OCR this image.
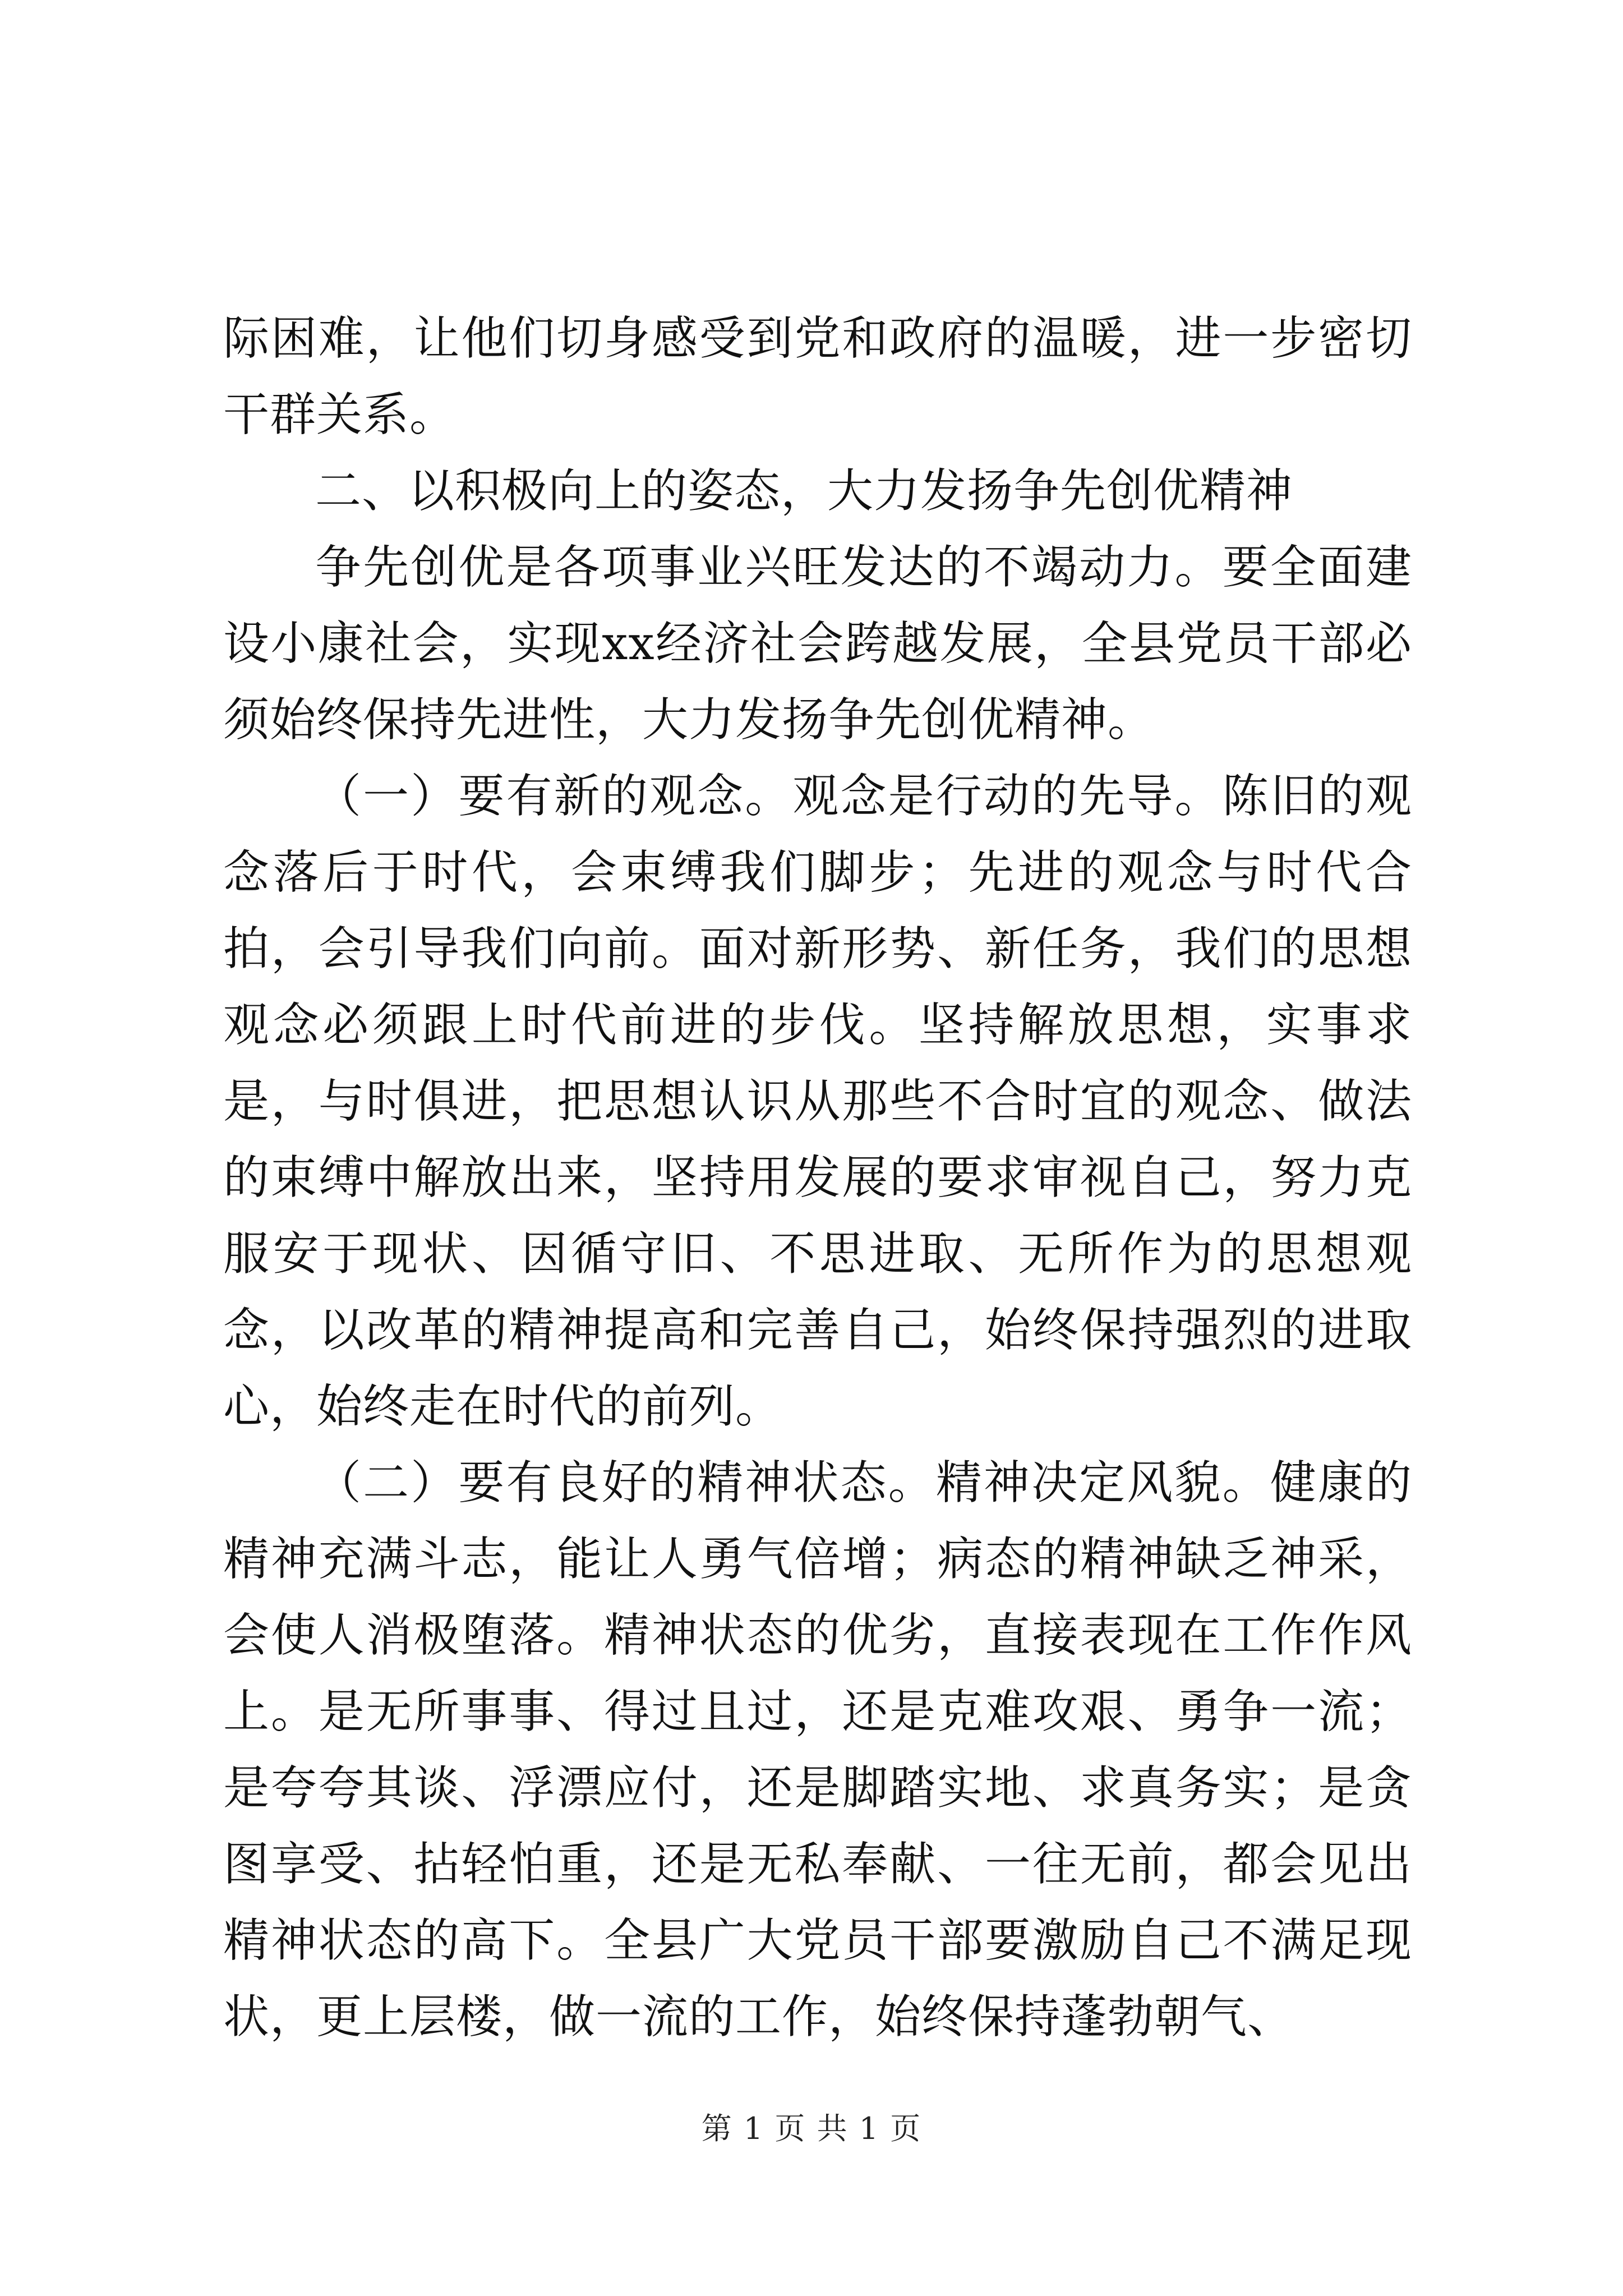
际困难，让他们切身感受到党和政府的温暖，进一步密切干群关系。

二、以积极向上的姿态，大力发扬争先创优精神

争先创优是各项事业兴旺发达的不竭动力。要全面建设小康社会，实现xx经济社会跨越发展，全县党员干部必须始终保持先进性，大力发扬争先创优精神。

（一）要有新的观念。观念是行动的先导。陈旧的观念落后于时代，会束缚我们脚步；先进的观念与时代合拍，会引导我们向前。面对新形势、新任务，我们的思想观念必须跟上时代前进的步伐。坚持解放思想，实事求是，与时俱进，把思想认识从那些不合时宜的观念、做法的束缚中解放出来，坚持用发展的要求审视自己，努力克服安于现状、因循守旧、不思进取、无所作为的思想观念，以改革的精神提高和完善自己，始终保持强烈的进取心，始终走在时代的前列。

（二）要有良好的精神状态。精神决定风貌。健康的精神充满斗志，能让人勇气倍增；病态的精神缺乏神采，会使人消极堕落。精神状态的优劣，直接表现在工作作风上。是无所事事、得过且过，还是克难攻艰、勇争一流；是夸夸其谈、浮漂应付，还是脚踏实地、求真务实；是贪图享受、拈轻怕重，还是无私奉献、一往无前，都会见出精神状态的高下。全县广大党员干部要激励自己不满足现状，更上层楼，做一流的工作，始终保持蓬勃朝气、

第 1 页 共 1 页
